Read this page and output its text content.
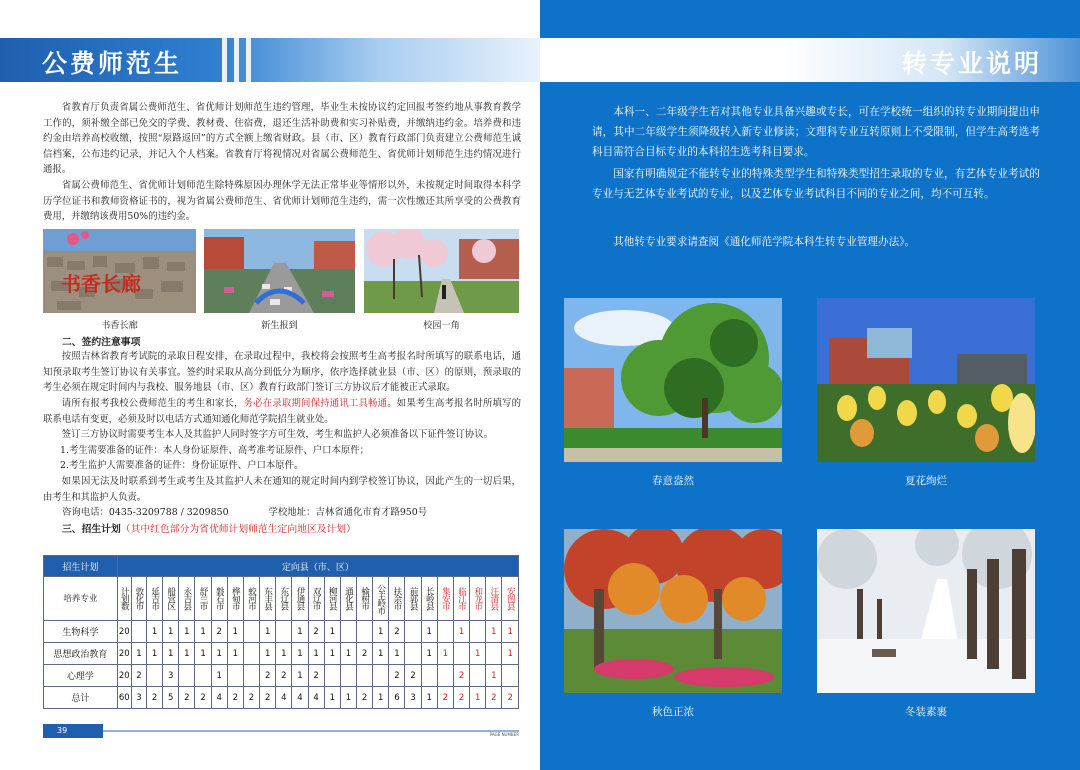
公费师范生

省教育厅负责省属公费师范生、省优师计划师范生违约管理，毕业生未按协议约定回报考签约地从事教育教学工作的，须补缴全部已免交的学费、教材费、住宿费，退还生活补助费和实习补贴费，并缴纳违约金。培养费和违约金由培养高校收缴，按照“原路返回”的方式全额上缴省财政。县（市、区）教育行政部门负责建立公费师范生诚信档案，公布违约记录，并记入个人档案。省教育厅将视情况对省属公费师范生、省优师计划师范生违约情况进行通报。

省属公费师范生、省优师计划师范生除特殊原因办理休学无法正常毕业等情形以外，未按规定时间取得本科学历学位证书和教师资格证书的，视为省属公费师范生、省优师计划师范生违约，需一次性缴还其所享受的公费教育费用，并缴纳该费用50%的违约金。

书香长廊
书香长廊	新生报到	校园一角
二、签约注意事项

按照吉林省教育考试院的录取日程安排，在录取过程中，我校将会按照考生高考报名时所填写的联系电话，通知预录取考生签订协议有关事宜。签约时采取从高分到低分为顺序，依序选择就业县（市、区）的原则，预录取的考生必须在规定时间内与我校、服务地县（市、区）教育行政部门签订三方协议后才能被正式录取。

请所有报考我校公费师范生的考生和家长，务必在录取期间保持通讯工具畅通。如果考生高考报名时所填写的联系电话有变更，必须及时以电话方式通知通化师范学院招生就业处。

签订三方协议时需要考生本人及其监护人同时签字方可生效，考生和监护人必须准备以下证件签订协议。

1.考生需要准备的证件：本人身份证原件、高考准考证原件、户口本原件；

2.考生监护人需要准备的证件：身份证原件、户口本原件。

如果因无法及时联系到考生或考生及其监护人未在通知的规定时间内到学校签订协议，因此产生的一切后果，由考生和其监护人负责。

咨询电话：0435-3209788 / 3209850	学校地址：吉林省通化市育才路950号
三、招生计划（其中红色部分为省优师计划师范生定向地区及计划）
招生计划	定向县（市、区）																								
培养专业	计划数	敦化市	延吉市	船营区	永吉县	舒兰市	磐石市	桦甸市	蛟河市	东丰县	东辽县	伊通县	双辽市	柳河县	通化县	榆树市	公主岭市	扶余市	前郭县	长岭县	集安市	临江市	和龙市	汪清县	安图县
生物科学	20		1	1	1	1	2	1		1		1	2	1			1	2		1		1		1	1
思想政治教育	20	1	1	1	1	1	1	1		1	1	1	1	1	1	2	1	1		1	1		1		1
心理学	20	2		3			1			2	2	1	2					2	2			2		1	
总计	60	3	2	5	2	2	4	2	2	2	4	4	4	1	1	2	1	6	3	1	2	2	1	2	2
39	PAGE NUMBER
转专业说明

本科一、二年级学生若对其他专业具备兴趣或专长，可在学校统一组织的转专业期间提出申请，其中二年级学生须降级转入新专业修读；文理科专业互转原则上不受限制，但学生高考选考科目需符合目标专业的本科招生选考科目要求。

国家有明确规定不能转专业的特殊类型学生和特殊类型招生录取的专业，有艺体专业考试的专业与无艺体专业考试的专业，以及艺体专业考试科目不同的专业之间，均不可互转。

其他转专业要求请查阅《通化师范学院本科生转专业管理办法》。

春意盎然	夏花绚烂
秋色正浓	冬装素裹
